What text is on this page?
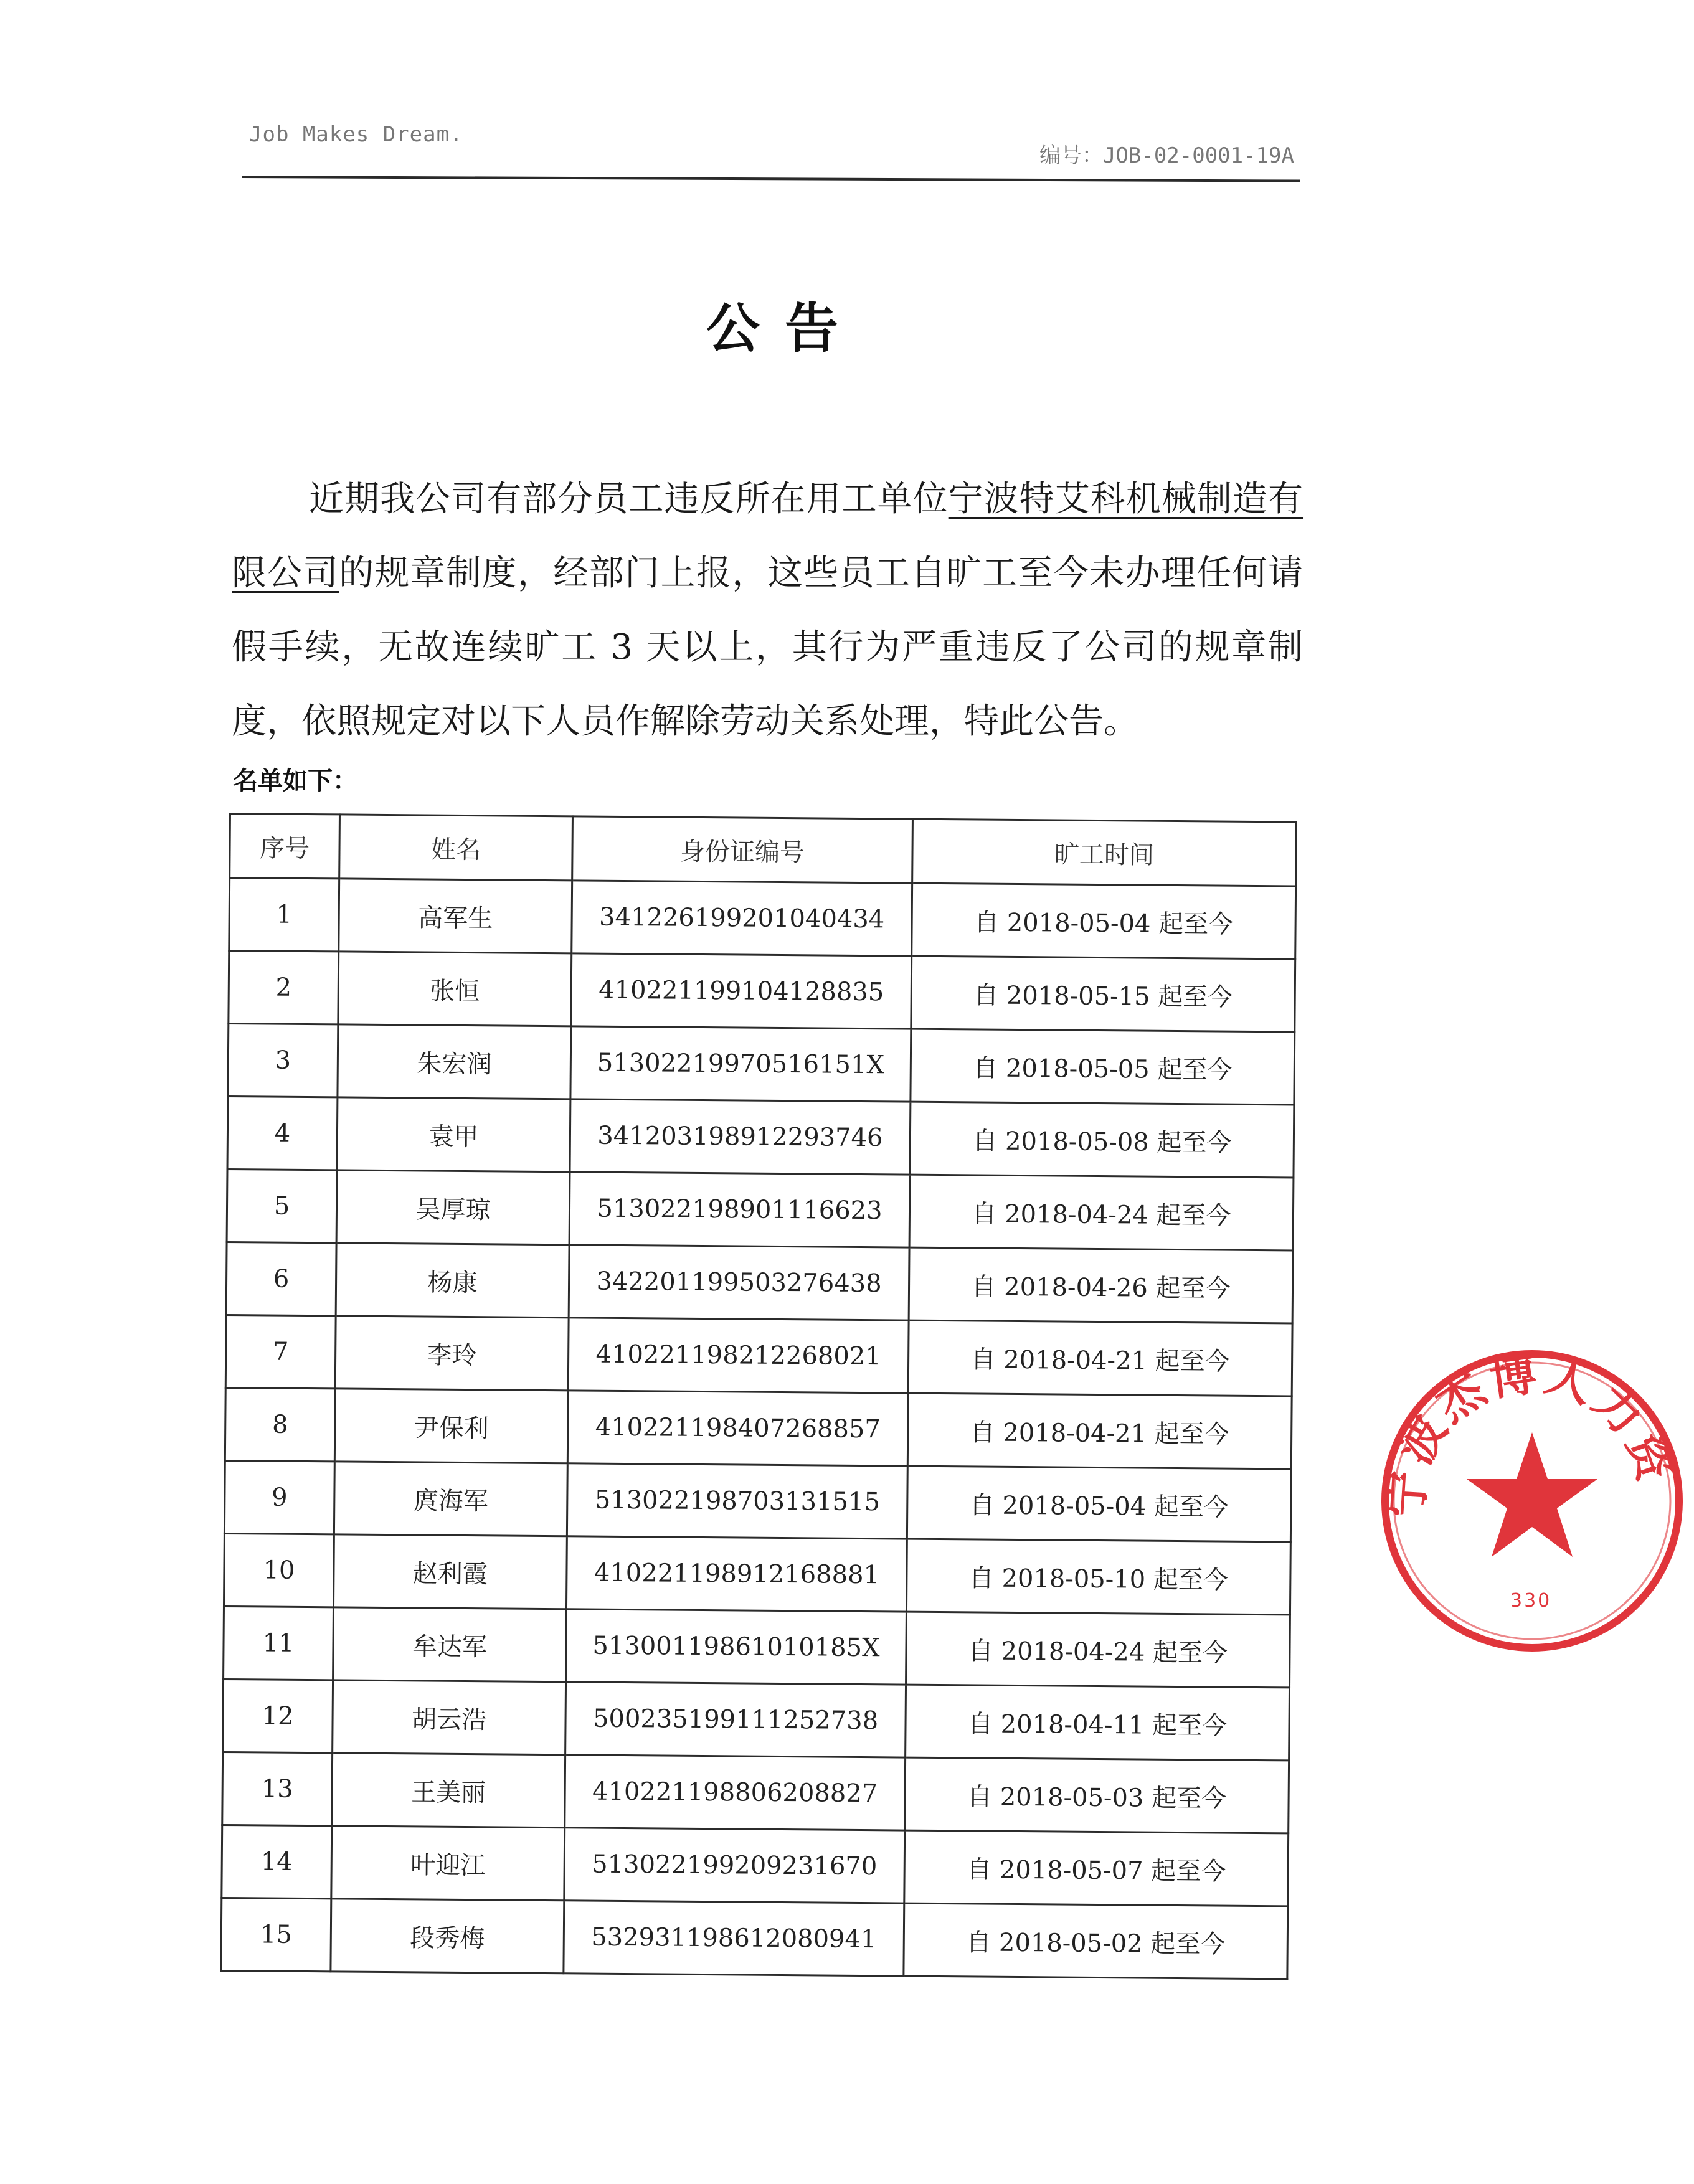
Job Makes Dream.
编号：JOB-02-0001-19A
公告
近期我公司有部分员工违反所在用工单位宁波特艾科机械制造有限公司的规章制度，经部门上报，这些员工自旷工至今未办理任何请假手续，无故连续旷工 3 天以上，其行为严重违反了公司的规章制度，依照规定对以下人员作解除劳动关系处理，特此公告。
名单如下：
序号	姓名	身份证编号	旷工时间
1	高军生	341226199201040434	自 2018-05-04 起至今
2	张恒	410221199104128835	自 2018-05-15 起至今
3	朱宏润	51302219970516151X	自 2018-05-05 起至今
4	袁甲	341203198912293746	自 2018-05-08 起至今
5	吴厚琼	513022198901116623	自 2018-04-24 起至今
6	杨康	342201199503276438	自 2018-04-26 起至今
7	李玲	410221198212268021	自 2018-04-21 起至今
8	尹保利	410221198407268857	自 2018-04-21 起至今
9	庹海军	513022198703131515	自 2018-05-04 起至今
10	赵利霞	410221198912168881	自 2018-05-10 起至今
11	牟达军	51300119861010185X	自 2018-04-24 起至今
12	胡云浩	500235199111252738	自 2018-04-11 起至今
13	王美丽	410221198806208827	自 2018-05-03 起至今
14	叶迎江	513022199209231670	自 2018-05-07 起至今
15	段秀梅	532931198612080941	自 2018-05-02 起至今
宁波杰博人力资
330
